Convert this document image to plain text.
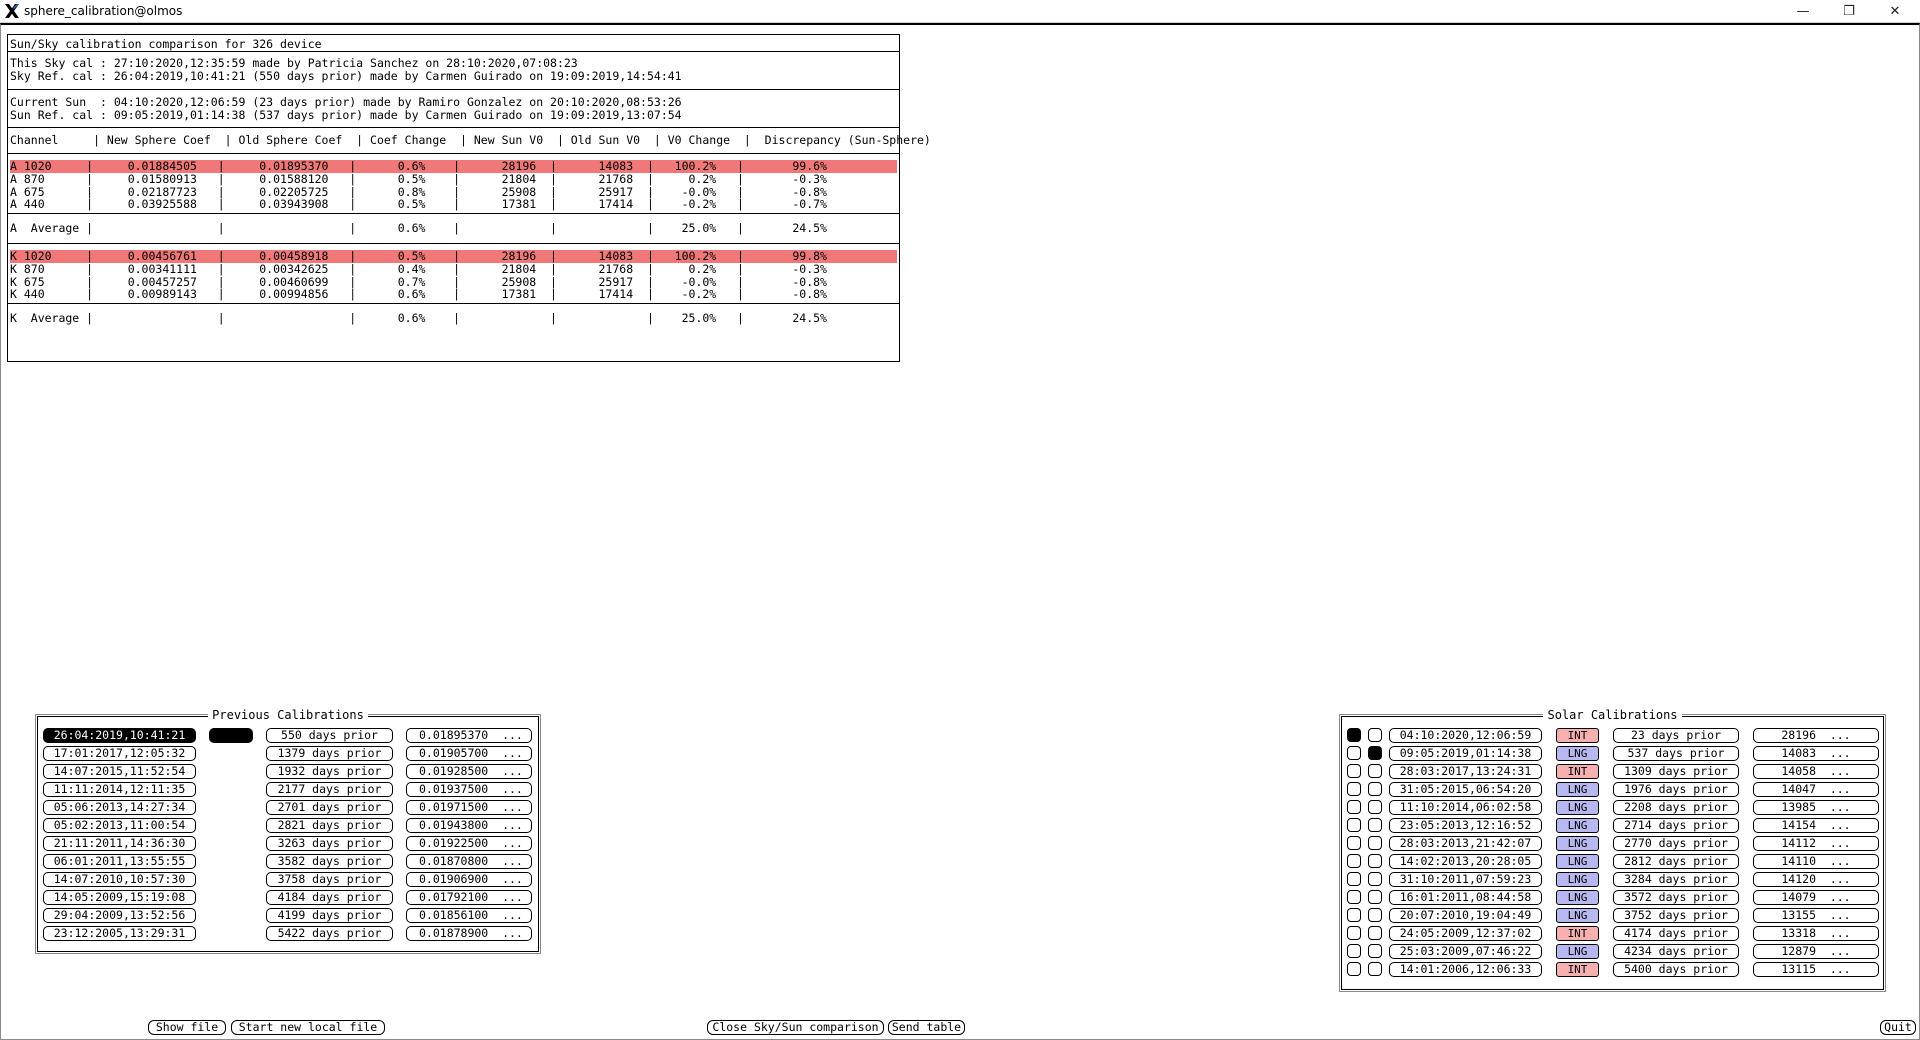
sphere_calibration@olmos	—	❐	✕
Sun/Sky calibration comparison for 326 device
This Sky cal : 27:10:2020,12:35:59 made by Patricia Sanchez on 28:10:2020,07:08:23
Sky Ref. cal : 26:04:2019,10:41:21 (550 days prior) made by Carmen Guirado on 19:09:2019,14:54:41
Current Sun  : 04:10:2020,12:06:59 (23 days prior) made by Ramiro Gonzalez on 20:10:2020,08:53:26
Sun Ref. cal : 09:05:2019,01:14:38 (537 days prior) made by Carmen Guirado on 19:09:2019,13:07:54
Channel     | New Sphere Coef  | Old Sphere Coef  | Coef Change  | New Sun V0  | Old Sun V0  | V0 Change  |  Discrepancy (Sun-Sphere)
A 1020     |     0.01884505   |     0.01895370   |      0.6%    |      28196  |      14083  |   100.2%   |       99.6%
A 870      |     0.01580913   |     0.01588120   |      0.5%    |      21804  |      21768  |     0.2%   |       -0.3%
A 675      |     0.02187723   |     0.02205725   |      0.8%    |      25908  |      25917  |    -0.0%   |       -0.8%
A 440      |     0.03925588   |     0.03943908   |      0.5%    |      17381  |      17414  |    -0.2%   |       -0.7%
A  Average |                  |                  |      0.6%    |             |             |    25.0%   |       24.5%
K 1020     |     0.00456761   |     0.00458918   |      0.5%    |      28196  |      14083  |   100.2%   |       99.8%
K 870      |     0.00341111   |     0.00342625   |      0.4%    |      21804  |      21768  |     0.2%   |       -0.3%
K 675      |     0.00457257   |     0.00460699   |      0.7%    |      25908  |      25917  |    -0.0%   |       -0.8%
K 440      |     0.00989143   |     0.00994856   |      0.6%    |      17381  |      17414  |    -0.2%   |       -0.8%
K  Average |                  |                  |      0.6%    |             |             |    25.0%   |       24.5%
Previous Calibrations	Solar Calibrations
Show file	Start new local file	Close Sky/Sun comparison	Send table	Quit
26:04:2019,10:41:21	550 days prior	0.01895370  ...
17:01:2017,12:05:32	1379 days prior	0.01905700  ...
14:07:2015,11:52:54	1932 days prior	0.01928500  ...
11:11:2014,12:11:35	2177 days prior	0.01937500  ...
05:06:2013,14:27:34	2701 days prior	0.01971500  ...
05:02:2013,11:00:54	2821 days prior	0.01943800  ...
21:11:2011,14:36:30	3263 days prior	0.01922500  ...
06:01:2011,13:55:55	3582 days prior	0.01870800  ...
14:07:2010,10:57:30	3758 days prior	0.01906900  ...
14:05:2009,15:19:08	4184 days prior	0.01792100  ...
29:04:2009,13:52:56	4199 days prior	0.01856100  ...
23:12:2005,13:29:31	5422 days prior	0.01878900  ...
04:10:2020,12:06:59	INT	23 days prior	28196  ...
09:05:2019,01:14:38	LNG	537 days prior	14083  ...
28:03:2017,13:24:31	INT	1309 days prior	14058  ...
31:05:2015,06:54:20	LNG	1976 days prior	14047  ...
11:10:2014,06:02:58	LNG	2208 days prior	13985  ...
23:05:2013,12:16:52	LNG	2714 days prior	14154  ...
28:03:2013,21:42:07	LNG	2770 days prior	14112  ...
14:02:2013,20:28:05	LNG	2812 days prior	14110  ...
31:10:2011,07:59:23	LNG	3284 days prior	14120  ...
16:01:2011,08:44:58	LNG	3572 days prior	14079  ...
20:07:2010,19:04:49	LNG	3752 days prior	13155  ...
24:05:2009,12:37:02	INT	4174 days prior	13318  ...
25:03:2009,07:46:22	LNG	4234 days prior	12879  ...
14:01:2006,12:06:33	INT	5400 days prior	13115  ...
